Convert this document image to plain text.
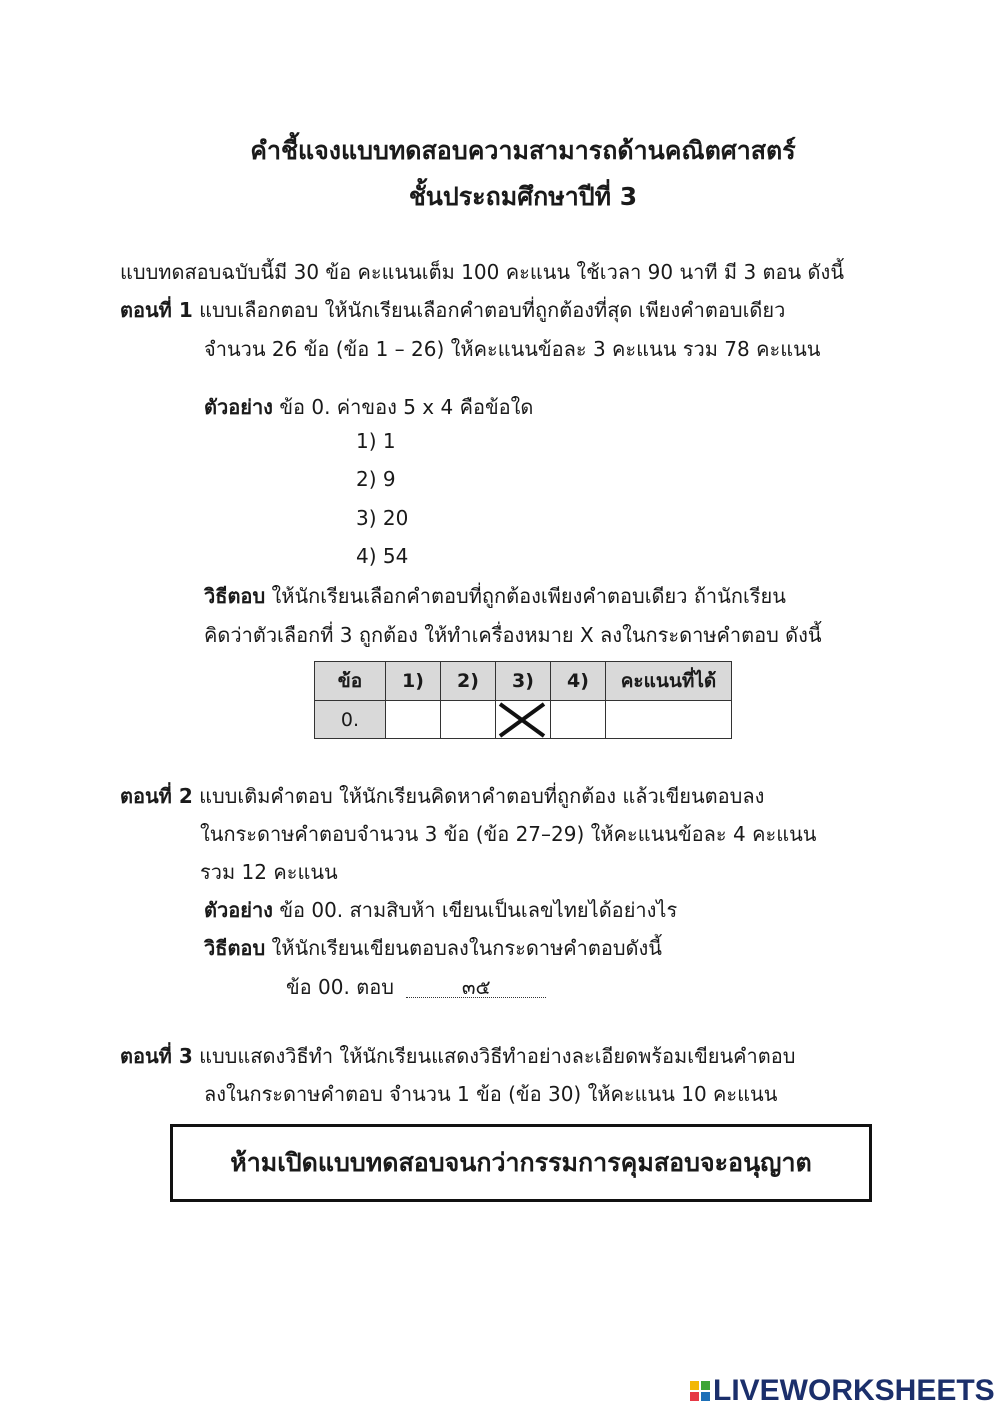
คำชี้แจงแบบทดสอบความสามารถด้านคณิตศาสตร์
ชั้นประถมศึกษาปีที่ 3
แบบทดสอบฉบับนี้มี 30 ข้อ คะแนนเต็ม 100 คะแนน ใช้เวลา 90 นาที มี 3 ตอน ดังนี้
ตอนที่ 1 แบบเลือกตอบ ให้นักเรียนเลือกคำตอบที่ถูกต้องที่สุด เพียงคำตอบเดียว
จำนวน 26 ข้อ (ข้อ 1 – 26) ให้คะแนนข้อละ 3 คะแนน รวม 78 คะแนน
ตัวอย่าง ข้อ 0. ค่าของ 5 x 4 คือข้อใด
1) 1
2) 9
3) 20
4) 54
วิธีตอบ ให้นักเรียนเลือกคำตอบที่ถูกต้องเพียงคำตอบเดียว ถ้านักเรียน
คิดว่าตัวเลือกที่ 3 ถูกต้อง ให้ทำเครื่องหมาย X ลงในกระดาษคำตอบ ดังนี้
ข้อ	1)	2)	3)	4)	คะแนนที่ได้
0.			

ตอนที่ 2 แบบเติมคำตอบ ให้นักเรียนคิดหาคำตอบที่ถูกต้อง แล้วเขียนตอบลง
ในกระดาษคำตอบจำนวน 3 ข้อ (ข้อ 27–29) ให้คะแนนข้อละ 4 คะแนน
รวม 12 คะแนน
ตัวอย่าง ข้อ 00. สามสิบห้า เขียนเป็นเลขไทยได้อย่างไร
วิธีตอบ ให้นักเรียนเขียนตอบลงในกระดาษคำตอบดังนี้
ข้อ 00. ตอบ	๓๕
ตอนที่ 3 แบบแสดงวิธีทำ ให้นักเรียนแสดงวิธีทำอย่างละเอียดพร้อมเขียนคำตอบ
ลงในกระดาษคำตอบ จำนวน 1 ข้อ (ข้อ 30) ให้คะแนน 10 คะแนน
ห้ามเปิดแบบทดสอบจนกว่ากรรมการคุมสอบจะอนุญาต
LIVEWORKSHEETS
